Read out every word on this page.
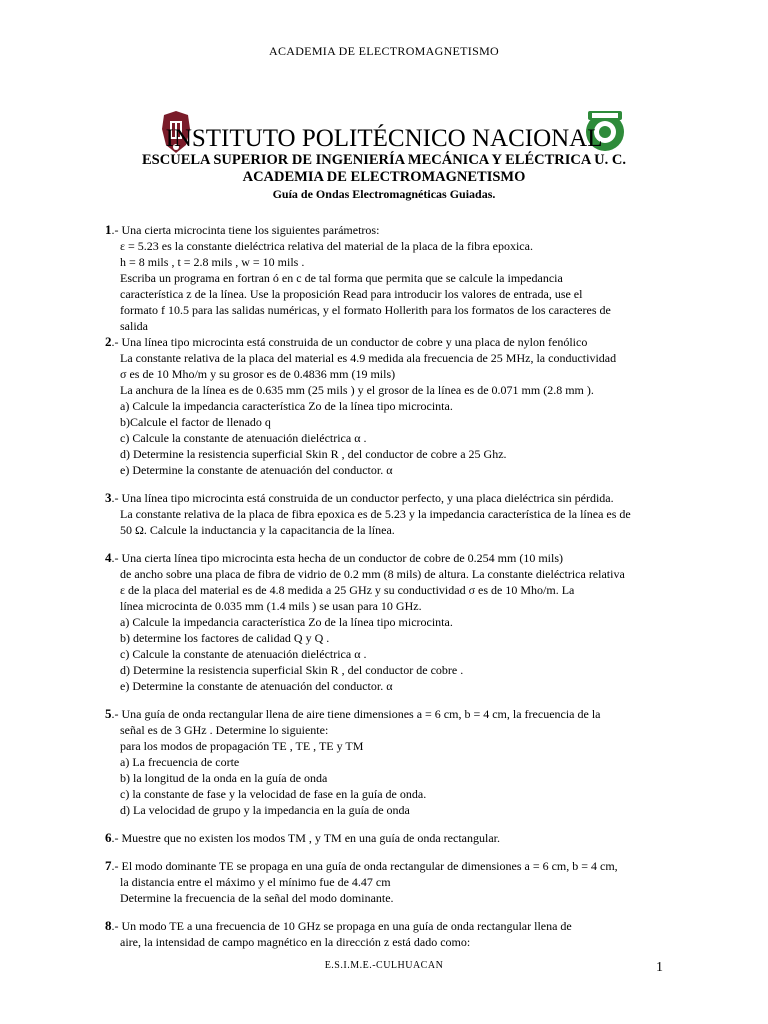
ACADEMIA DE ELECTROMAGNETISMO
INSTITUTO POLITÉCNICO NACIONAL
ESCUELA SUPERIOR DE INGENIERÍA MECÁNICA Y ELÉCTRICA U. C.
ACADEMIA DE ELECTROMAGNETISMO
Guía de Ondas Electromagnéticas Guiadas.
1.- Una cierta microcinta tiene los siguientes parámetros:
ε = 5.23 es la constante dieléctrica relativa del material de la placa de la fibra epoxica.
h = 8 mils , t = 2.8 mils , w = 10 mils .
Escriba un programa en fortran ó en c de tal forma que permita que se calcule la impedancia
característica z de la línea. Use la proposición Read para introducir los valores de entrada, use el
formato f 10.5 para las salidas numéricas, y el formato Hollerith para los formatos de los caracteres de
salida
2.- Una línea tipo microcinta está construida de un conductor de cobre y una placa de nylon fenólico
La constante relativa de la placa del material es 4.9 medida ala frecuencia de 25 MHz, la conductividad
σ es de 10 Mho/m y su grosor es de 0.4836 mm (19 mils)
La anchura de la línea es de 0.635 mm (25 mils ) y el grosor de la línea es de 0.071 mm (2.8 mm ).
a) Calcule la impedancia característica Zo de la línea tipo microcinta.
b)Calcule el factor de llenado q
c) Calcule la constante de atenuación dieléctrica α .
d) Determine la resistencia superficial Skin R , del conductor de cobre a 25 Ghz.
e) Determine la constante de atenuación del conductor. α
3.- Una línea tipo microcinta está construida de un conductor perfecto, y una placa dieléctrica sin pérdida.
La constante relativa de la placa de fibra epoxica es de 5.23 y la impedancia característica de la línea es de
50 Ω. Calcule la inductancia y la capacitancia de la línea.
4.- Una cierta línea tipo microcinta esta hecha de un conductor de cobre de 0.254 mm (10 mils)
de ancho sobre una placa de fibra de vidrio de 0.2 mm (8 mils) de altura. La constante dieléctrica relativa
ε de la placa del material es de 4.8 medida a 25 GHz y su conductividad σ es de 10 Mho/m. La
línea microcinta de 0.035 mm (1.4 mils ) se usan para 10 GHz.
a) Calcule la impedancia característica Zo de la línea tipo microcinta.
b) determine los factores de calidad Q y Q .
c) Calcule la constante de atenuación dieléctrica α .
d) Determine la resistencia superficial Skin R , del conductor de cobre .
e) Determine la constante de atenuación del conductor. α
5.- Una guía de onda rectangular llena de aire tiene dimensiones a = 6 cm, b = 4 cm, la frecuencia de la
señal es de 3 GHz . Determine lo siguiente:
para los modos de propagación TE , TE , TE y TM
a) La frecuencia de corte
b) la longitud de la onda en la guía de onda
c) la constante de fase y la velocidad de fase en la guía de onda.
d) La velocidad de grupo y la impedancia en la guía de onda
6.- Muestre que no existen los modos TM , y TM en una guía de onda rectangular.
7.- El modo dominante TE se propaga en una guía de onda rectangular de dimensiones a = 6 cm, b = 4 cm,
la distancia entre el máximo y el mínimo fue de 4.47 cm
Determine la frecuencia de la señal del modo dominante.
8.- Un modo TE a una frecuencia de 10 GHz se propaga en una guía de onda rectangular llena de
aire, la intensidad de campo magnético en la dirección z está dado como:
E.S.I.M.E.-CULHUACAN	1
